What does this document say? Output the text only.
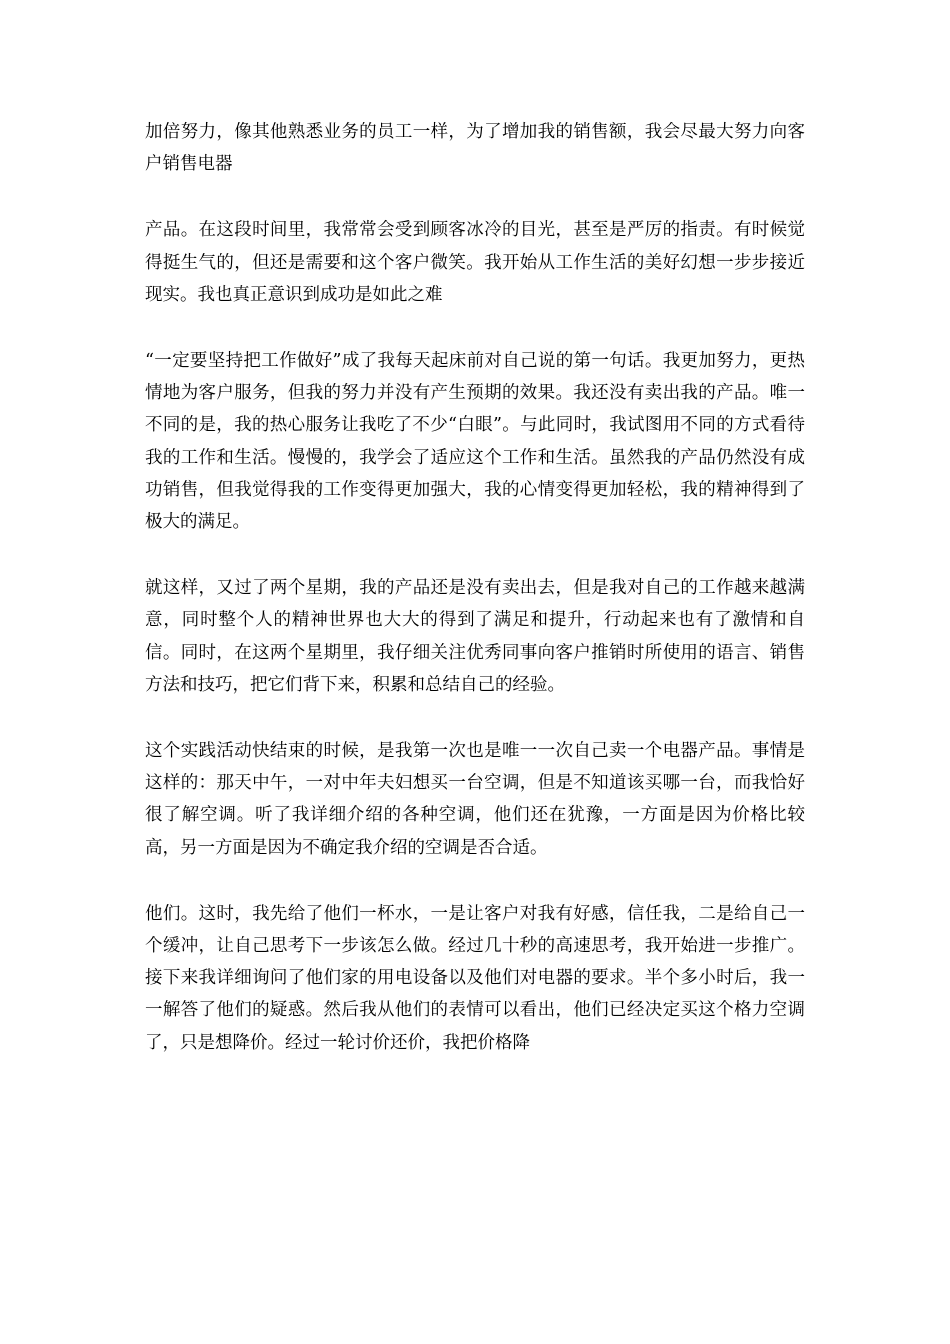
加倍努力，像其他熟悉业务的员工一样，为了增加我的销售额，我会尽最大努力向客户销售电器

产品。在这段时间里，我常常会受到顾客冰冷的目光，甚至是严厉的指责。有时候觉得挺生气的，但还是需要和这个客户微笑。我开始从工作生活的美好幻想一步步接近现实。我也真正意识到成功是如此之难

“一定要坚持把工作做好”成了我每天起床前对自己说的第一句话。我更加努力，更热情地为客户服务，但我的努力并没有产生预期的效果。我还没有卖出我的产品。唯一不同的是，我的热心服务让我吃了不少“白眼”。与此同时，我试图用不同的方式看待我的工作和生活。慢慢的，我学会了适应这个工作和生活。虽然我的产品仍然没有成功销售，但我觉得我的工作变得更加强大，我的心情变得更加轻松，我的精神得到了极大的满足。

就这样，又过了两个星期，我的产品还是没有卖出去，但是我对自己的工作越来越满意，同时整个人的精神世界也大大的得到了满足和提升，行动起来也有了激情和自信。同时，在这两个星期里，我仔细关注优秀同事向客户推销时所使用的语言、销售方法和技巧，把它们背下来，积累和总结自己的经验。

这个实践活动快结束的时候，是我第一次也是唯一一次自己卖一个电器产品。事情是这样的：那天中午，一对中年夫妇想买一台空调，但是不知道该买哪一台，而我恰好很了解空调。听了我详细介绍的各种空调，他们还在犹豫，一方面是因为价格比较高，另一方面是因为不确定我介绍的空调是否合适。

他们。这时，我先给了他们一杯水，一是让客户对我有好感，信任我，二是给自己一个缓冲，让自己思考下一步该怎么做。经过几十秒的高速思考，我开始进一步推广。接下来我详细询问了他们家的用电设备以及他们对电器的要求。半个多小时后，我一一解答了他们的疑惑。然后我从他们的表情可以看出，他们已经决定买这个格力空调了，只是想降价。经过一轮讨价还价，我把价格降
